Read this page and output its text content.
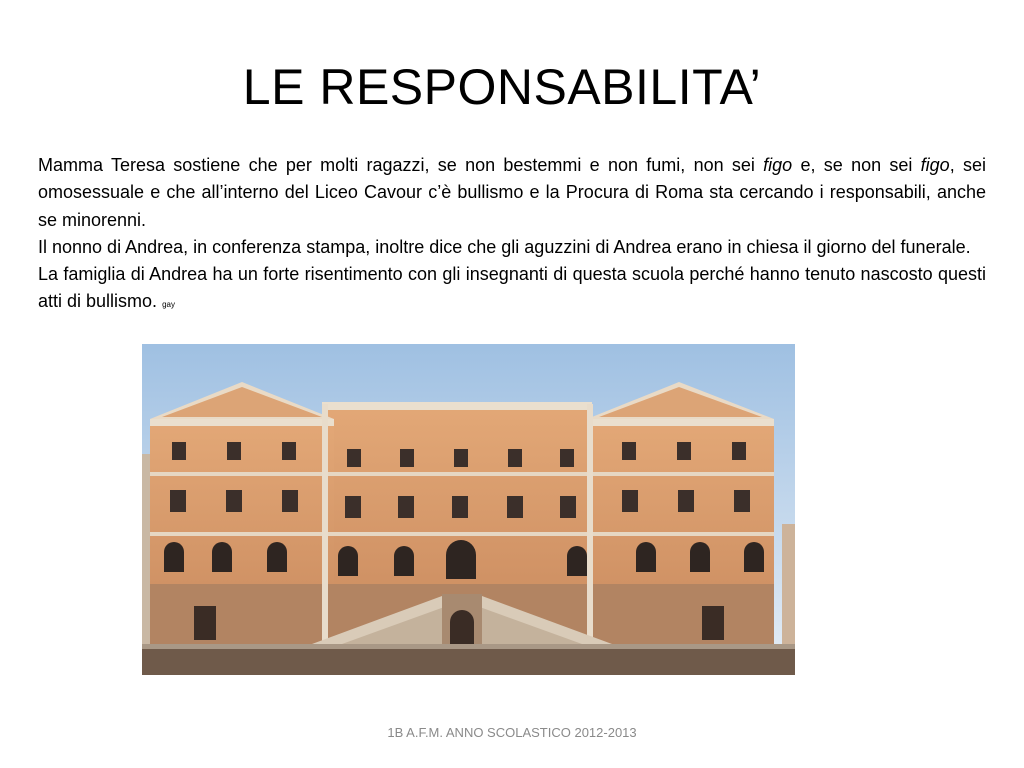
LE RESPONSABILITA’

Mamma Teresa sostiene che per molti ragazzi, se non bestemmi e non fumi, non sei figo e, se non sei figo, sei omosessuale e che all’interno del Liceo Cavour c’è bullismo e la Procura di Roma sta cercando i responsabili, anche se minorenni.

Il nonno di Andrea, in conferenza stampa, inoltre dice che gli aguzzini di Andrea erano in chiesa il giorno del funerale.

La famiglia di Andrea ha un forte risentimento con gli insegnanti di questa scuola perché hanno tenuto nascosto questi atti di bullismo. gay

1B A.F.M. ANNO SCOLASTICO 2012-2013
